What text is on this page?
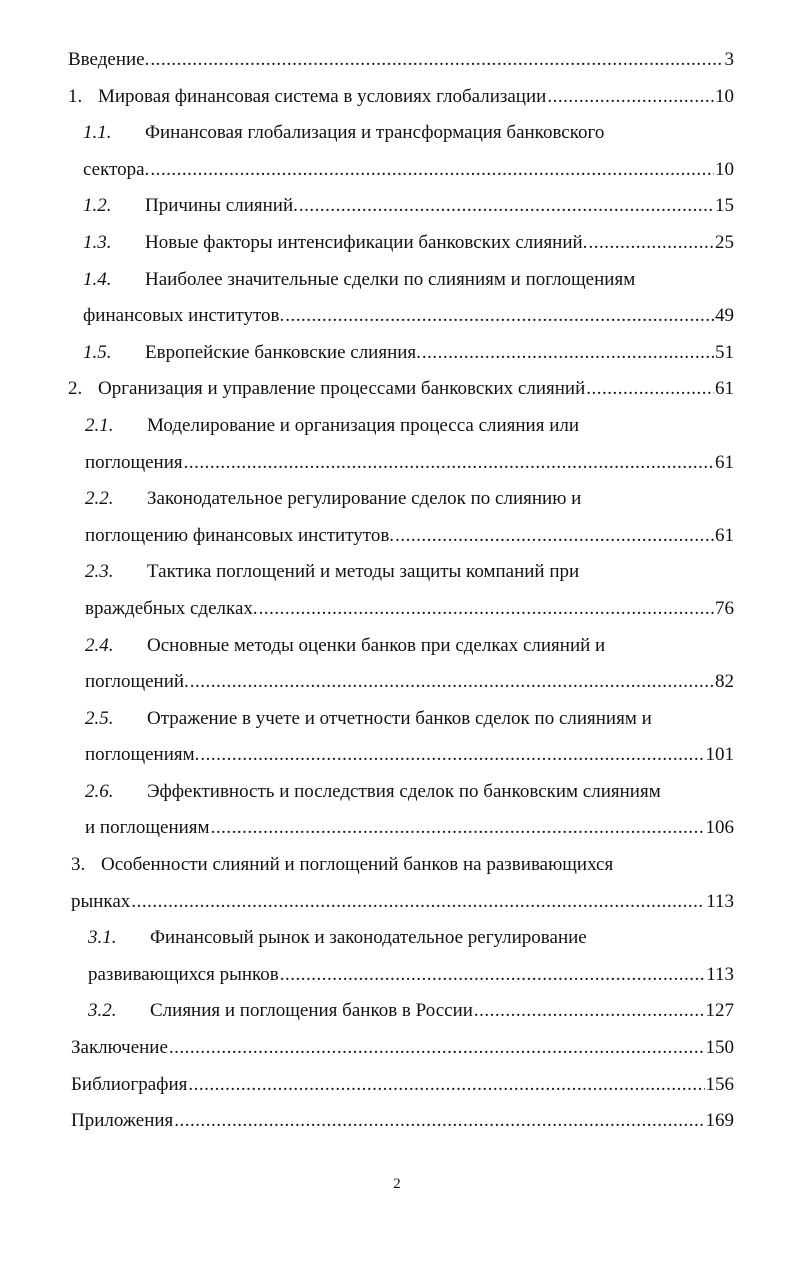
Введение. .....	3
1. Мировая финансовая система в условиях глобализации .....	10
1.1. Финансовая глобализация и трансформация банковского
сектора. .....	10
1.2. Причины слияний. .....	15
1.3. Новые факторы интенсификации банковских слияний. .....	25
1.4. Наиболее значительные сделки по слияниям и поглощениям
финансовых институтов. .....	49
1.5. Европейские банковские слияния. .....	51
2. Организация и управление процессами банковских слияний .....	61
2.1. Моделирование и организация процесса слияния или
поглощения .....	61
2.2. Законодательное регулирование сделок по слиянию и
поглощению финансовых институтов. .....	61
2.3. Тактика поглощений и методы защиты компаний при
враждебных сделках. .....	76
2.4. Основные методы оценки банков при сделках слияний и
поглощений. .....	82
2.5. Отражение в учете и отчетности банков сделок по слияниям и
поглощениям. .....	101
2.6. Эффективность и последствия сделок по банковским слияниям
и поглощениям .....	106
3. Особенности слияний и поглощений банков на развивающихся
рынках .....	113
3.1. Финансовый рынок и законодательное регулирование
развивающихся рынков .....	113
3.2. Слияния и поглощения банков в России .....	127
Заключение .....	150
Библиография .....	156
Приложения .....	169
2
